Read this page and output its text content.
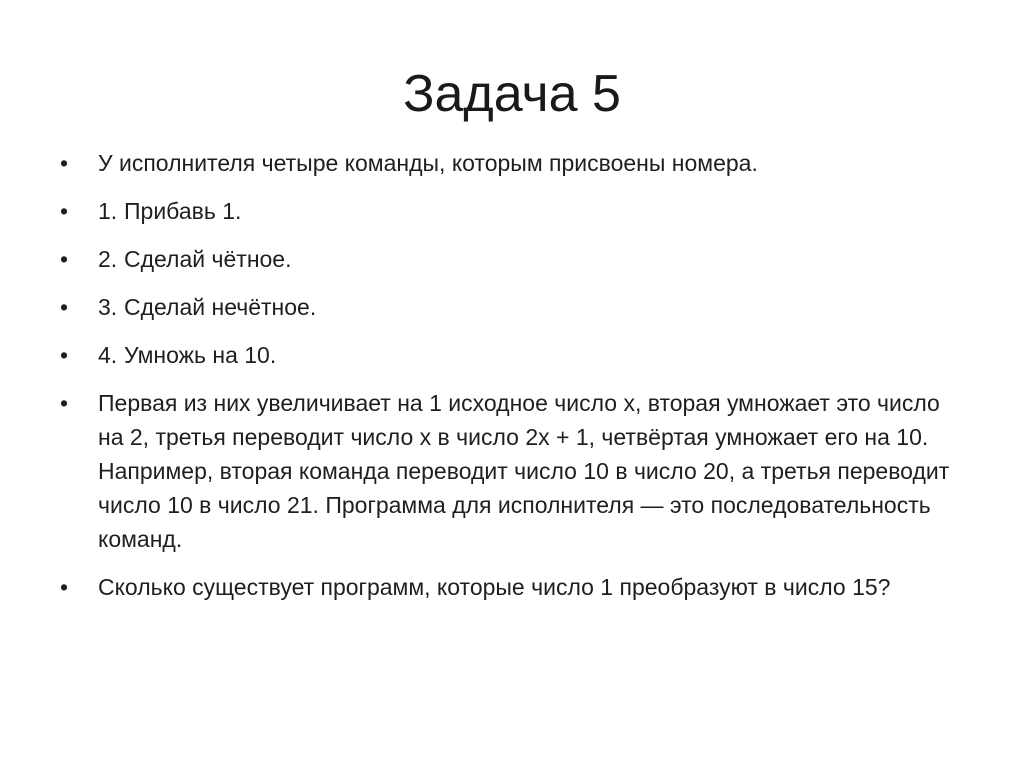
Задача 5
•	У исполнителя четыре команды, которым присвоены номера.
•	1. Прибавь 1.
•	2. Сделай чётное.
•	3. Сделай нечётное.
•	4. Умножь на 10.
•	Первая из них увеличивает на 1 исходное число x, вторая умножает это число на 2, третья переводит число x в число 2x + 1, четвёртая умножает его на 10. Например, вторая команда переводит число 10 в число 20, а третья переводит число 10 в число 21. Программа для исполнителя — это последовательность команд.
•	Сколько существует программ, которые число 1 преобразуют в число 15?
